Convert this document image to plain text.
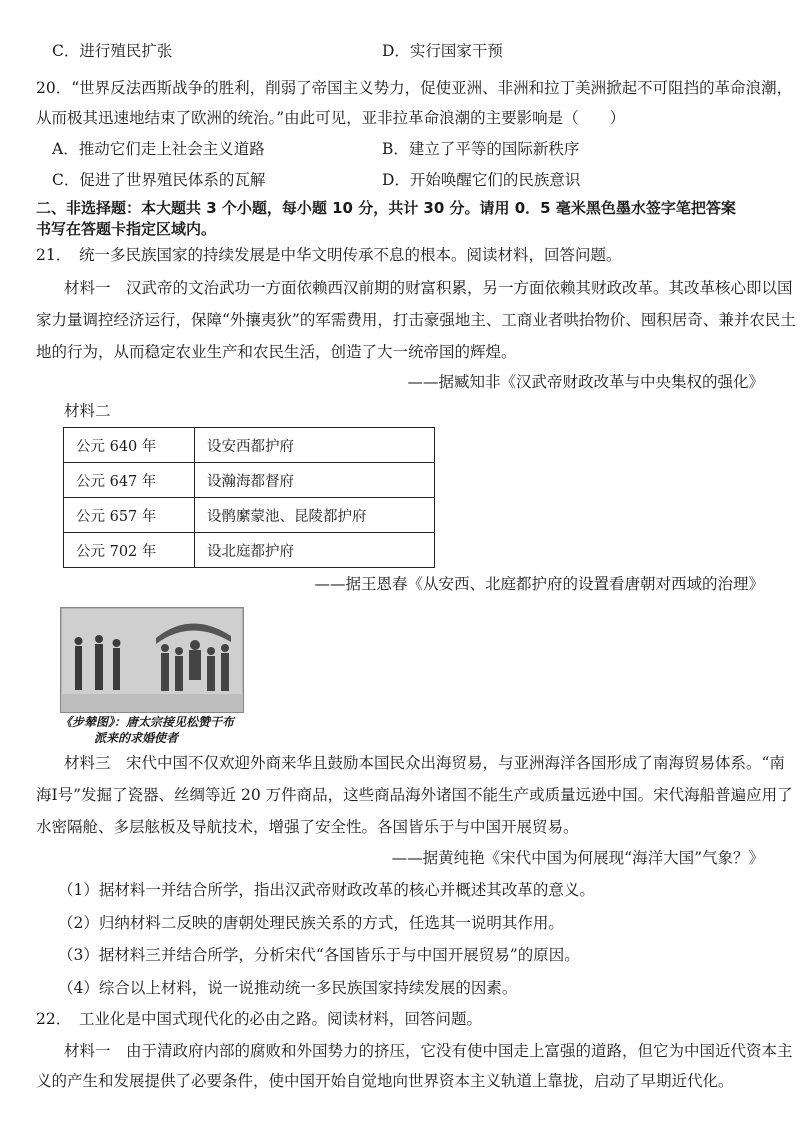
C．进行殖民扩张	D．实行国家干预
20．“世界反法西斯战争的胜利，削弱了帝国主义势力，促使亚洲、非洲和拉丁美洲掀起不可阻挡的革命浪潮，
从而极其迅速地结束了欧洲的统治。”由此可见，亚非拉革命浪潮的主要影响是（　　）
A．推动它们走上社会主义道路	B．建立了平等的国际新秩序
C．促进了世界殖民体系的瓦解	D．开始唤醒它们的民族意识
二、非选择题：本大题共 3 个小题，每小题 10 分，共计 30 分。请用 0．5 毫米黑色墨水签字笔把答案
书写在答题卡指定区域内。
21．　统一多民族国家的持续发展是中华文明传承不息的根本。阅读材料，回答问题。
材料一　汉武帝的文治武功一方面依赖西汉前期的财富积累，另一方面依赖其财政改革。其改革核心即以国
家力量调控经济运行，保障“外攘夷狄”的军需费用，打击豪强地主、工商业者哄抬物价、囤积居奇、兼并农民土
地的行为，从而稳定农业生产和农民生活，创造了大一统帝国的辉煌。
——据臧知非《汉武帝财政改革与中央集权的强化》
材料二
公元 640 年	设安西都护府
公元 647 年	设瀚海都督府
公元 657 年	设鹘縻蒙池、昆陵都护府
公元 702 年	设北庭都护府
——据王恩春《从安西、北庭都护府的设置看唐朝对西域的治理》
《步辇图》：唐太宗接见松赞干布
派来的求婚使者
材料三　宋代中国不仅欢迎外商来华且鼓励本国民众出海贸易，与亚洲海洋各国形成了南海贸易体系。“南
海Ⅰ号”发掘了瓷器、丝绸等近 20 万件商品，这些商品海外诸国不能生产或质量远逊中国。宋代海船普遍应用了
水密隔舱、多层舷板及导航技术，增强了安全性。各国皆乐于与中国开展贸易。
——据黄纯艳《宋代中国为何展现“海洋大国”气象？》
（1）据材料一并结合所学，指出汉武帝财政改革的核心并概述其改革的意义。
（2）归纳材料二反映的唐朝处理民族关系的方式，任选其一说明其作用。
（3）据材料三并结合所学，分析宋代“各国皆乐于与中国开展贸易”的原因。
（4）综合以上材料，说一说推动统一多民族国家持续发展的因素。
22．　工业化是中国式现代化的必由之路。阅读材料，回答问题。
材料一　由于清政府内部的腐败和外国势力的挤压，它没有使中国走上富强的道路，但它为中国近代资本主
义的产生和发展提供了必要条件，使中国开始自觉地向世界资本主义轨道上靠拢，启动了早期近代化。
